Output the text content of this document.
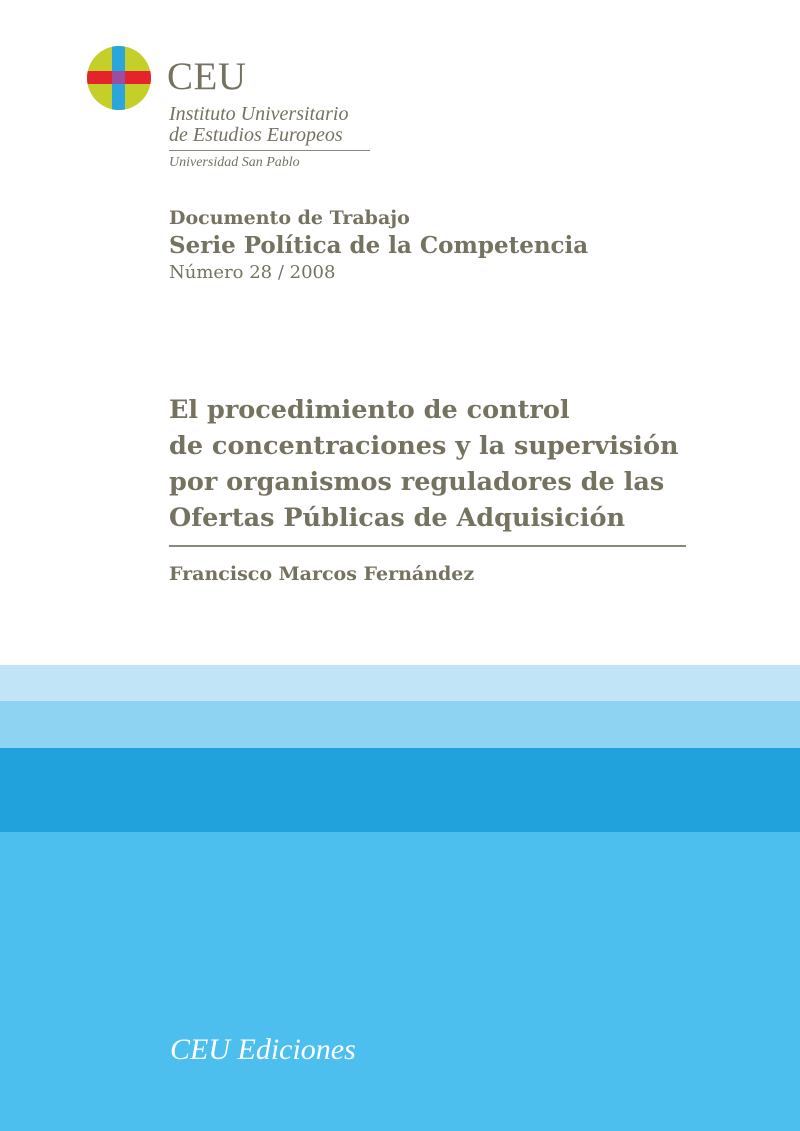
CEU
Instituto Universitario
de Estudios Europeos
Universidad San Pablo
Documento de Trabajo
Serie Política de la Competencia
Número 28 / 2008
El procedimiento de control
de concentraciones y la supervisión
por organismos reguladores de las
Ofertas Públicas de Adquisición
Francisco Marcos Fernández
CEU Ediciones
